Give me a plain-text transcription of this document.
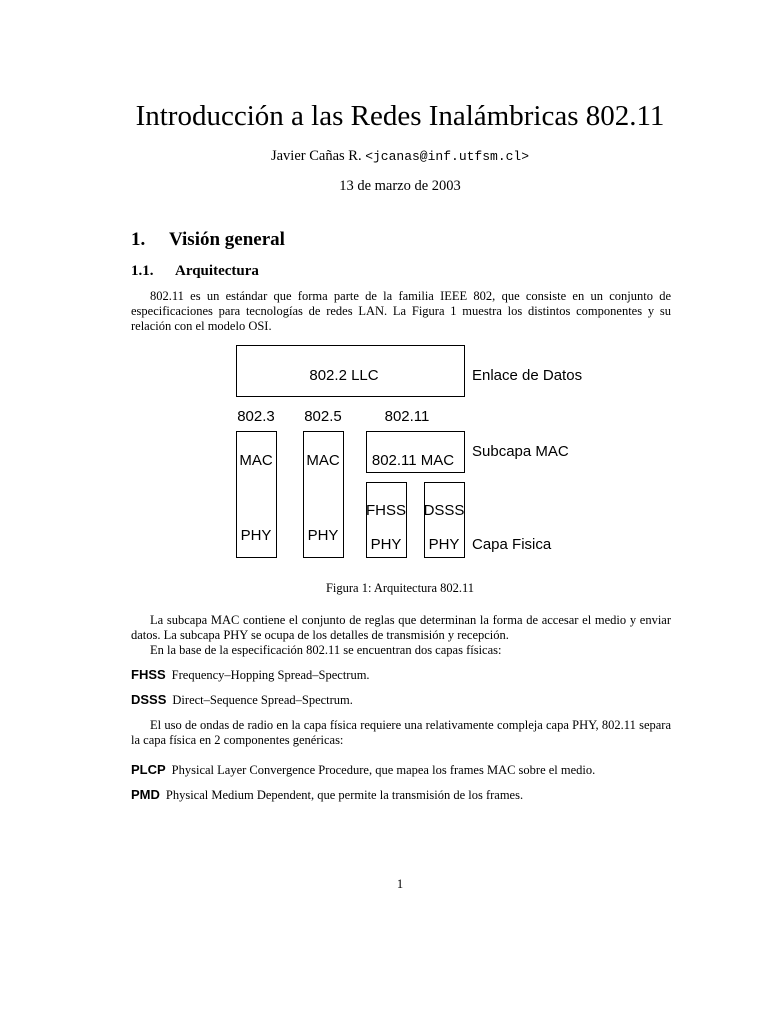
Introducción a las Redes Inalámbricas 802.11
Javier Cañas R. <jcanas@inf.utfsm.cl>
13 de marzo de 2003
1. Visión general
1.1. Arquitectura

802.11 es un estándar que forma parte de la familia IEEE 802, que consiste en un conjunto de especificaciones para tecnologías de redes LAN. La Figura 1 muestra los distintos componentes y su relación con el modelo OSI.

802.2 LLC	Enlace de Datos
802.3 802.5	802.11
MAC
PHY
MAC
PHY
802.11 MAC
Subcapa MAC
FHSS
PHY
DSSS
PHY Capa Fisica
Figura 1: Arquitectura 802.11

La subcapa MAC contiene el conjunto de reglas que determinan la forma de accesar el medio y enviar datos. La subcapa PHY se ocupa de los detalles de transmisión y recepción.

En la base de la especificación 802.11 se encuentran dos capas físicas:

FHSS Frequency–Hopping Spread–Spectrum.
DSSS Direct–Sequence Spread–Spectrum.

El uso de ondas de radio en la capa física requiere una relativamente compleja capa PHY, 802.11 separa la capa física en 2 componentes genéricas:

PLCP Physical Layer Convergence Procedure, que mapea los frames MAC sobre el medio.
PMD Physical Medium Dependent, que permite la transmisión de los frames.
1
